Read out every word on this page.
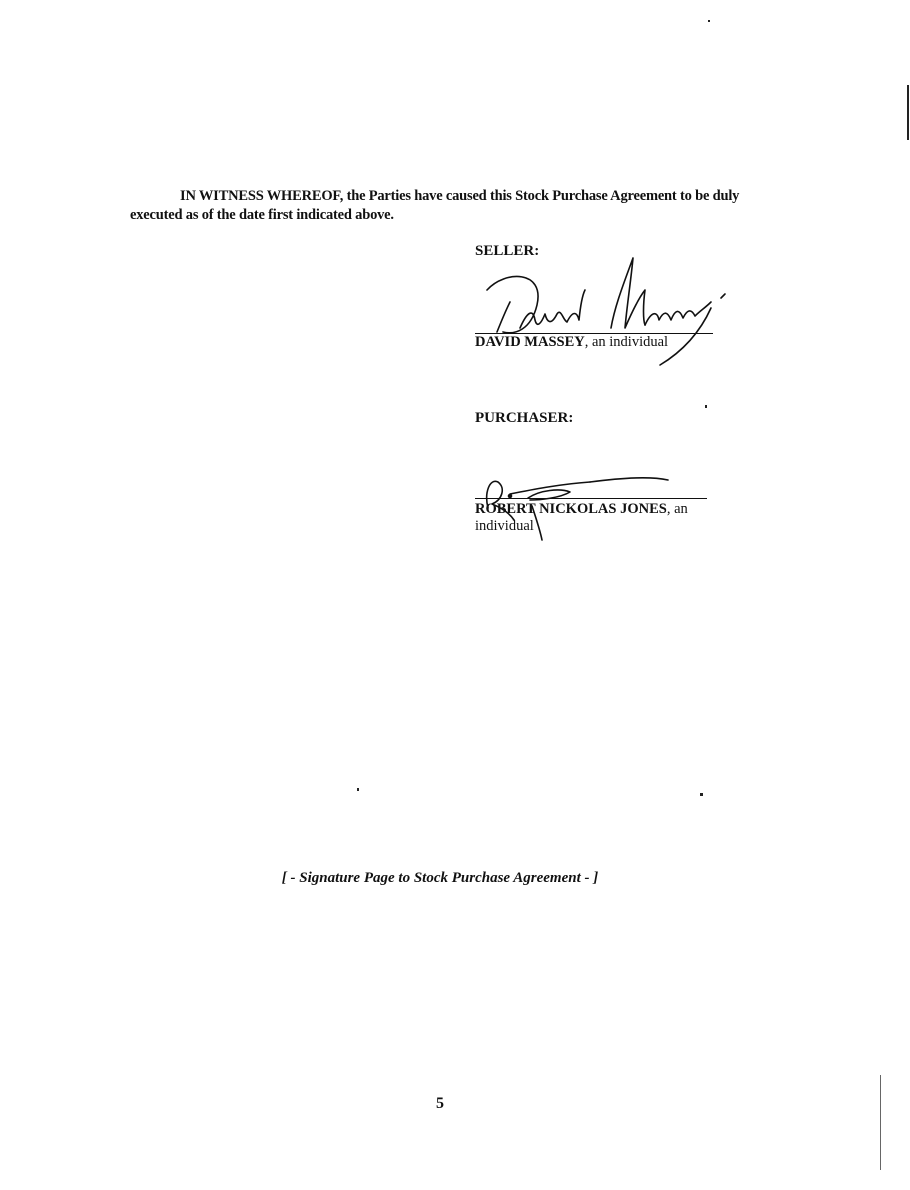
IN WITNESS WHEREOF, the Parties have caused this Stock Purchase Agreement to be duly executed as of the date first indicated above.

SELLER:
DAVID MASSEY, an individual
PURCHASER:
ROBERT NICKOLAS JONES, an individual
[ - Signature Page to Stock Purchase Agreement - ]
5
